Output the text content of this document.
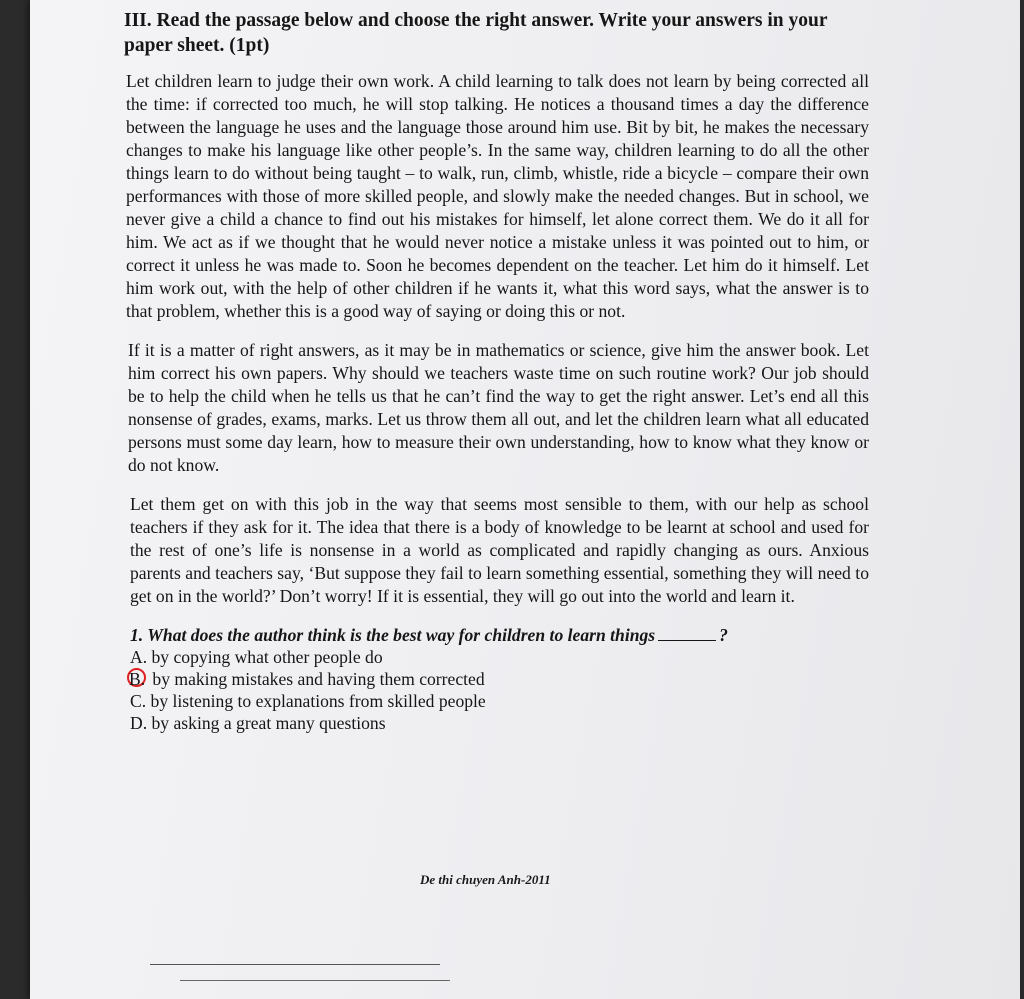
III. Read the passage below and choose the right answer. Write your answers in your paper sheet. (1pt)
Let children learn to judge their own work. A child learning to talk does not learn by being corrected all the time: if corrected too much, he will stop talking. He notices a thousand times a day the difference between the language he uses and the language those around him use. Bit by bit, he makes the necessary changes to make his language like other people’s. In the same way, children learning to do all the other things learn to do without being taught – to walk, run, climb, whistle, ride a bicycle – compare their own performances with those of more skilled people, and slowly make the needed changes. But in school, we never give a child a chance to find out his mistakes for himself, let alone correct them. We do it all for him. We act as if we thought that he would never notice a mistake unless it was pointed out to him, or correct it unless he was made to. Soon he becomes dependent on the teacher. Let him do it himself. Let him work out, with the help of other children if he wants it, what this word says, what the answer is to that problem, whether this is a good way of saying or doing this or not.
If it is a matter of right answers, as it may be in mathematics or science, give him the answer book. Let him correct his own papers. Why should we teachers waste time on such routine work? Our job should be to help the child when he tells us that he can’t find the way to get the right answer. Let’s end all this nonsense of grades, exams, marks. Let us throw them all out, and let the children learn what all educated persons must some day learn, how to measure their own understanding, how to know what they know or do not know.
Let them get on with this job in the way that seems most sensible to them, with our help as school teachers if they ask for it. The idea that there is a body of knowledge to be learnt at school and used for the rest of one’s life is nonsense in a world as complicated and rapidly changing as ours. Anxious parents and teachers say, ‘But suppose they fail to learn something essential, something they will need to get on in the world?’ Don’t worry! If it is essential, they will go out into the world and learn it.
1. What does the author think is the best way for children to learn things	?
A. by copying what other people do
B. by making mistakes and having them corrected
C. by listening to explanations from skilled people
D. by asking a great many questions
De thi chuyen Anh-2011
